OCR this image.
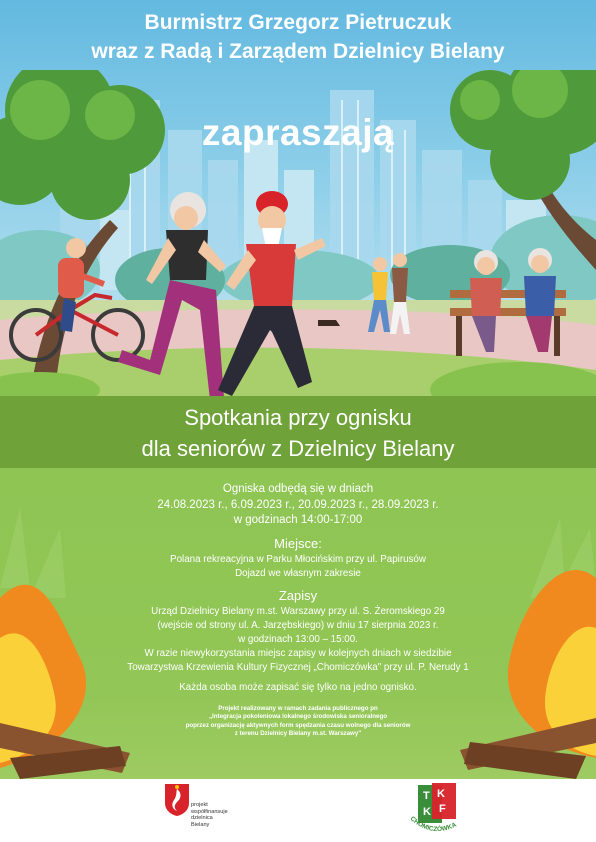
Burmistrz Grzegorz Pietruczuk
wraz z Radą i Zarządem Dzielnicy Bielany
zapraszają
Spotkania przy ognisku
dla seniorów z Dzielnicy Bielany
Ogniska odbędą się w dniach
24.08.2023 r., 6.09.2023 r., 20.09.2023 r., 28.09.2023 r.
w godzinach 14:00-17:00
Miejsce:
Polana rekreacyjna w Parku Młocińskim przy ul. Papirusów
Dojazd we własnym zakresie
Zapisy
Urząd Dzielnicy Bielany m.st. Warszawy przy ul. S. Żeromskiego 29
(wejście od strony ul. A. Jarzębskiego) w dniu 17 sierpnia 2023 r.
w godzinach 13:00 – 15:00.
W razie niewykorzystania miejsc zapisy w kolejnych dniach w siedzibie
Towarzystwa Krzewienia Kultury Fizycznej „Chomiczówka" przy ul. P. Nerudy 1
Każda osoba może zapisać się tylko na jedno ognisko.
Projekt realizowany w ramach zadania publicznego pn
„Integracja pokoleniowa lokalnego środowiska senioralnego
poprzez organizację aktywnych form spędzania czasu wolnego dla seniorów
z terenu Dzielnicy Bielany m.st. Warszawy"
projekt
współfinansuje
dzielnica
Bielany
T K
K F
CHOMICZÓWKA
